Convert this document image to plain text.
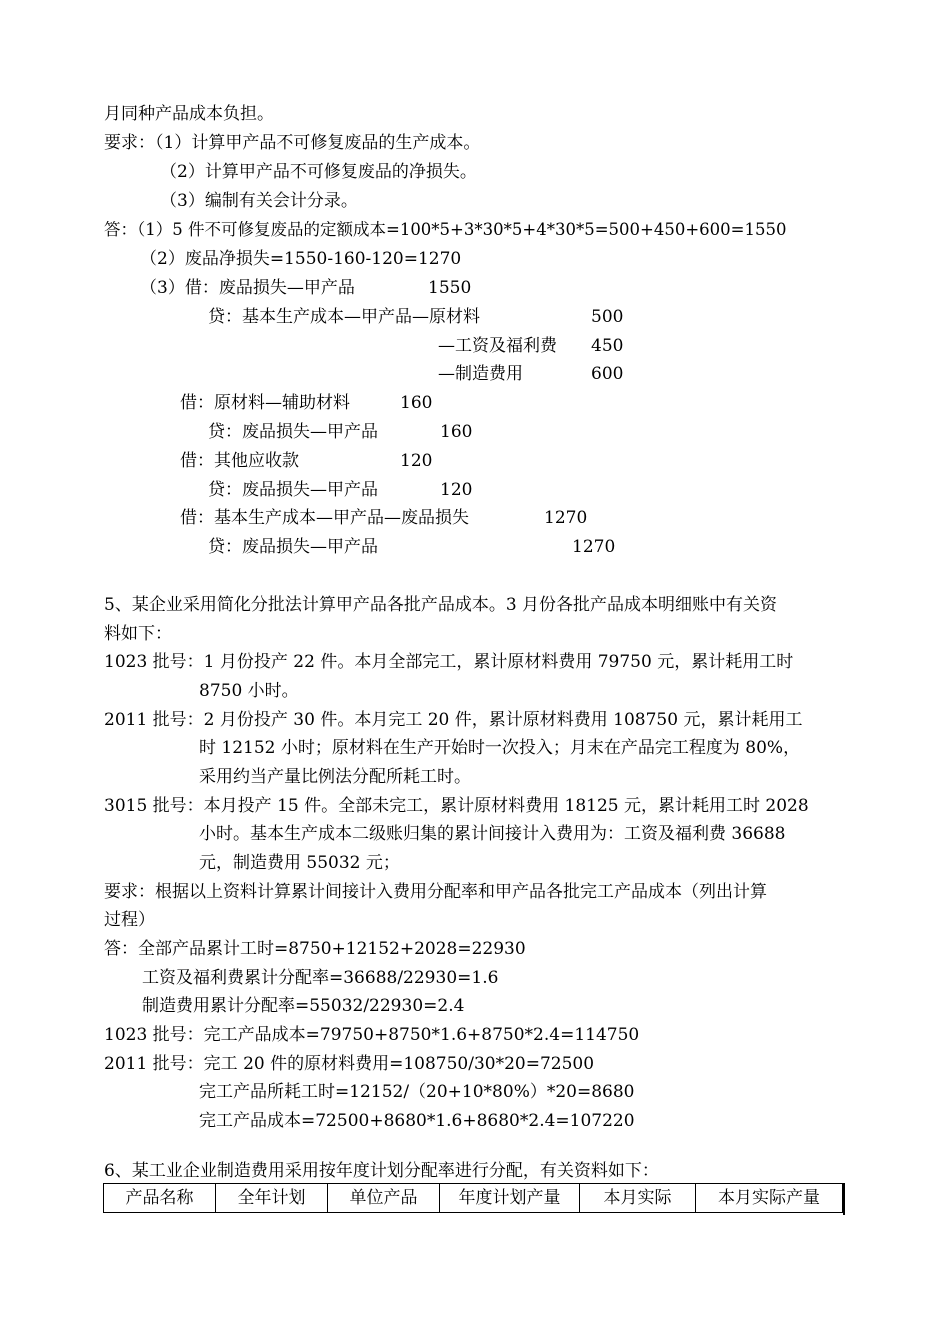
月同种产品成本负担。
要求：（1）计算甲产品不可修复废品的生产成本。
（2）计算甲产品不可修复废品的净损失。
（3）编制有关会计分录。
答：（1）5 件不可修复废品的定额成本=100*5+3*30*5+4*30*5=500+450+600=1550
（2）废品净损失=1550-160-120=1270
（3）借：废品损失—甲产品	1550
贷：基本生产成本—甲产品—原材料	500
—工资及福利费 450
—制造费用	600
借：原材料—辅助材料	160
贷：废品损失—甲产品	160
借：其他应收款	120
贷：废品损失—甲产品	120
借：基本生产成本—甲产品—废品损失	1270
贷：废品损失—甲产品	1270
5、某企业采用简化分批法计算甲产品各批产品成本。3 月份各批产品成本明细账中有关资
料如下：
1023 批号：1 月份投产 22 件。本月全部完工，累计原材料费用 79750 元，累计耗用工时
8750 小时。
2011 批号：2 月份投产 30 件。本月完工 20 件，累计原材料费用 108750 元，累计耗用工
时 12152 小时；原材料在生产开始时一次投入；月末在产品完工程度为 80%，
采用约当产量比例法分配所耗工时。
3015 批号：本月投产 15 件。全部未完工，累计原材料费用 18125 元，累计耗用工时 2028
小时。基本生产成本二级账归集的累计间接计入费用为：工资及福利费 36688
元，制造费用 55032 元；
要求：根据以上资料计算累计间接计入费用分配率和甲产品各批完工产品成本（列出计算
过程）
答：全部产品累计工时=8750+12152+2028=22930
工资及福利费累计分配率=36688/22930=1.6
制造费用累计分配率=55032/22930=2.4
1023 批号：完工产品成本=79750+8750*1.6+8750*2.4=114750
2011 批号：完工 20 件的原材料费用=108750/30*20=72500
完工产品所耗工时=12152/（20+10*80%）*20=8680
完工产品成本=72500+8680*1.6+8680*2.4=107220
6、某工业企业制造费用采用按年度计划分配率进行分配，有关资料如下：
产品名称	全年计划	单位产品	年度计划产量	本月实际	本月实际产量
